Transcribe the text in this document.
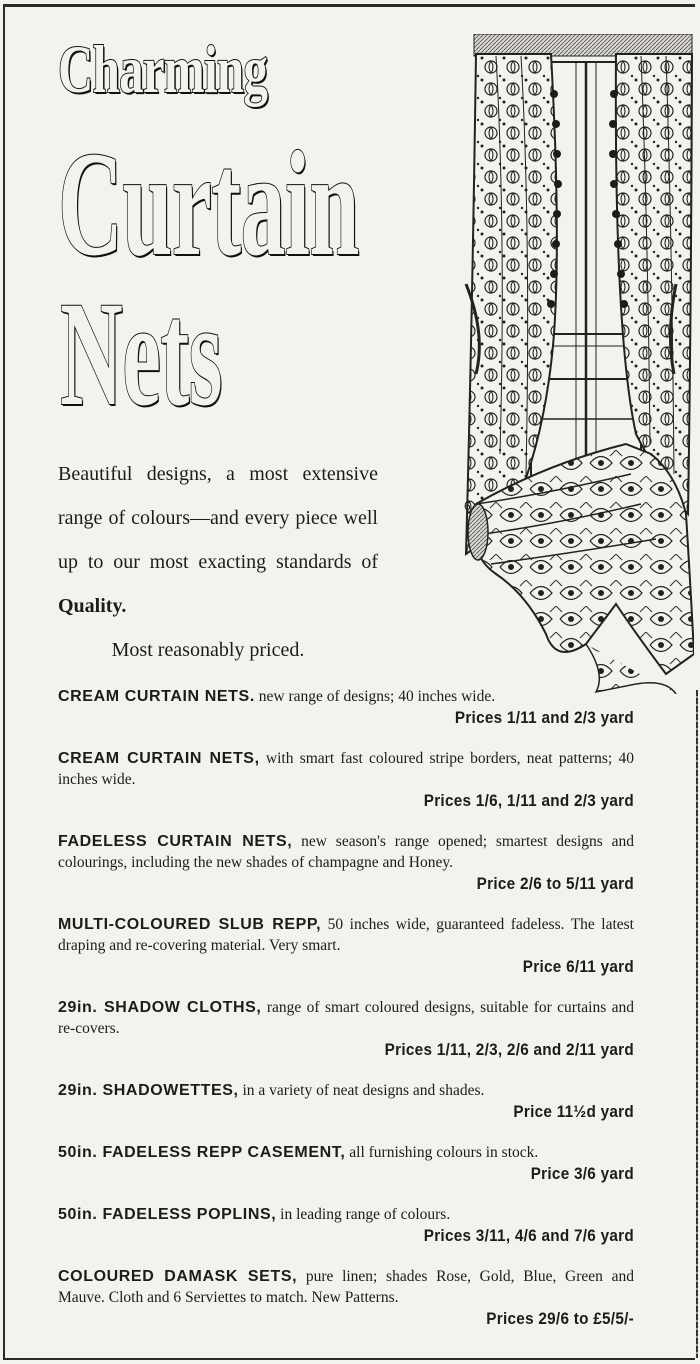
Charming
Curtain
Nets

Beautiful designs, a most extensive range of colours—and every piece well up to our most exacting standards of Quality.

Most reasonably priced.

6
CREAM CURTAIN NETS. new range of designs; 40 inches wide.
Prices 1/11 and 2/3 yard
CREAM CURTAIN NETS, with smart fast coloured stripe borders, neat patterns; 40 inches wide.
Prices 1/6, 1/11 and 2/3 yard
FADELESS CURTAIN NETS, new season's range opened; smartest designs and colourings, including the new shades of champagne and Honey.
Price 2/6 to 5/11 yard
MULTI-COLOURED SLUB REPP, 50 inches wide, guaranteed fadeless. The latest draping and re-covering material. Very smart.
Price 6/11 yard
29in. SHADOW CLOTHS, range of smart coloured designs, suitable for curtains and re-covers.
Prices 1/11, 2/3, 2/6 and 2/11 yard
29in. SHADOWETTES, in a variety of neat designs and shades.
Price 11½d yard
50in. FADELESS REPP CASEMENT, all furnishing colours in stock.
Price 3/6 yard
50in. FADELESS POPLINS, in leading range of colours.
Prices 3/11, 4/6 and 7/6 yard
COLOURED DAMASK SETS, pure linen; shades Rose, Gold, Blue, Green and Mauve. Cloth and 6 Serviettes to match. New Patterns.
Prices 29/6 to £5/5/-
